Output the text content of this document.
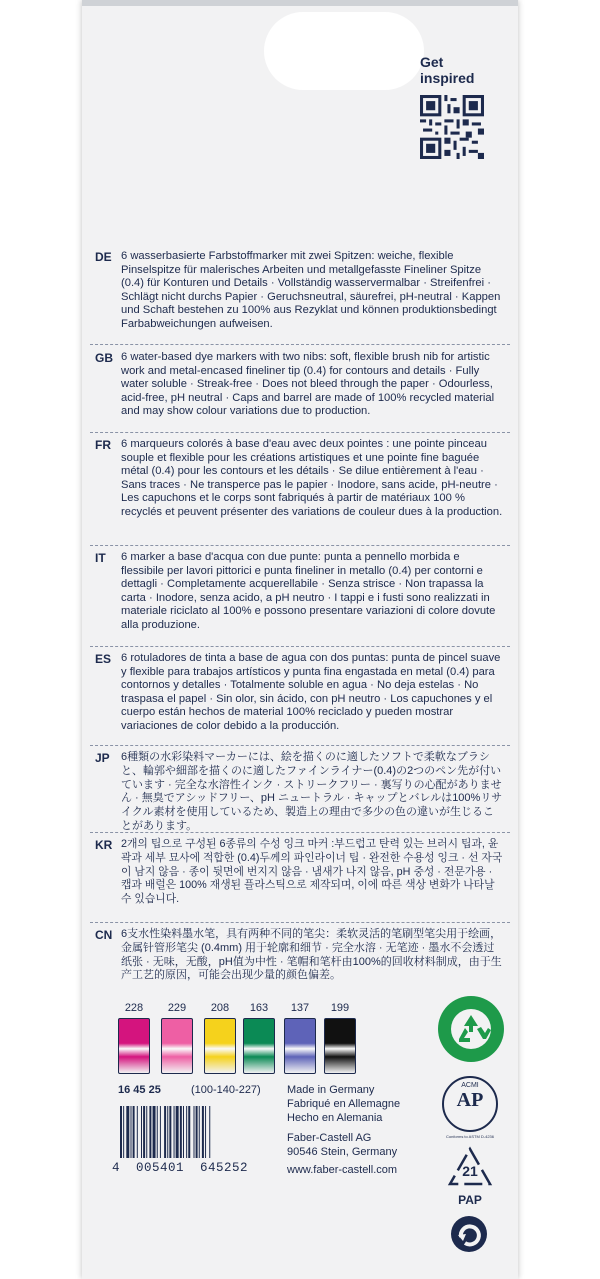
Get
inspired
DE 6 wasserbasierte Farbstoffmarker mit zwei Spitzen: weiche, flexible Pinselspitze für malerisches Arbeiten und metallgefasste Fineliner Spitze (0.4) für Konturen und Details · Vollständig wasservermalbar · Streifenfrei · Schlägt nicht durchs Papier · Geruchsneutral, säurefrei, pH-neutral · Kappen und Schaft bestehen zu 100% aus Rezyklat und können produktionsbedingt Farbabweichungen aufweisen.
GB 6 water-based dye markers with two nibs: soft, flexible brush nib for artistic work and metal-encased fineliner tip (0.4) for contours and details · Fully water soluble · Streak-free · Does not bleed through the paper · Odourless, acid-free, pH neutral · Caps and barrel are made of 100% recycled material and may show colour variations due to production.
FR 6 marqueurs colorés à base d'eau avec deux pointes : une pointe pinceau souple et flexible pour les créations artistiques et une pointe fine baguée métal (0.4) pour les contours et les détails · Se dilue entièrement à l'eau · Sans traces · Ne transperce pas le papier · Inodore, sans acide, pH-neutre · Les capuchons et le corps sont fabriqués à partir de matériaux 100 % recyclés et peuvent présenter des variations de couleur dues à la production.
IT 6 marker a base d'acqua con due punte: punta a pennello morbida e flessibile per lavori pittorici e punta fineliner in metallo (0.4) per contorni e dettagli · Completamente acquerellabile · Senza strisce · Non trapassa la carta · Inodore, senza acido, a pH neutro · I tappi e i fusti sono realizzati in materiale riciclato al 100% e possono presentare variazioni di colore dovute alla produzione.
ES 6 rotuladores de tinta a base de agua con dos puntas: punta de pincel suave y flexible para trabajos artísticos y punta fina engastada en metal (0.4) para contornos y detalles · Totalmente soluble en agua · No deja estelas · No traspasa el papel · Sin olor, sin ácido, con pH neutro · Los capuchones y el cuerpo están hechos de material 100% reciclado y pueden mostrar variaciones de color debido a la producción.
JP 6種類の水彩染料マーカーには、絵を描くのに適したソフトで柔軟なブラシと、輪郭や細部を描くのに適したファインライナー(0.4)の2つのペン先が付いています · 完全な水溶性インク · ストリークフリー · 裏写りの心配がありません · 無臭でアシッドフリー、pH ニュートラル · キャップとバレルは100%リサイクル素材を使用しているため、製造上の理由で多少の色の違いが生じることがあります。
KR 2개의 팁으로 구성된 6종류의 수성 잉크 마커 :부드럽고 탄력 있는 브러시 팁과, 윤곽과 세부 묘사에 적합한 (0.4)두께의 파인라이너 팁 · 완전한 수용성 잉크 · 선 자국이 남지 않음 · 종이 뒷면에 번지지 않음 · 냄새가 나지 않음, pH 중성 · 전문가용 · 캡과 배럴은 100% 재생된 플라스틱으로 제작되며, 이에 따른 색상 변화가 나타날 수 있습니다.
CN 6支水性染料墨水笔，具有两种不同的笔尖：柔软灵活的笔刷型笔尖用于绘画，金属针管形笔尖 (0.4mm) 用于轮廓和细节 · 完全水溶 · 无笔迹 · 墨水不会透过纸张 · 无味，无酸，pH值为中性 · 笔帽和笔杆由100%的回收材料制成，由于生产工艺的原因，可能会出现少量的颜色偏差。
228	229	208	163	137	199
16 45 25	(100-140-227) Made in Germany
Fabriqué en Allemagne
Hecho en Alemania
Faber-Castell AG
90546 Stein, Germany
www.faber-castell.com
4  005401  645252
ACMI
AP
Conforms to ASTM D-4236
21
PAP
